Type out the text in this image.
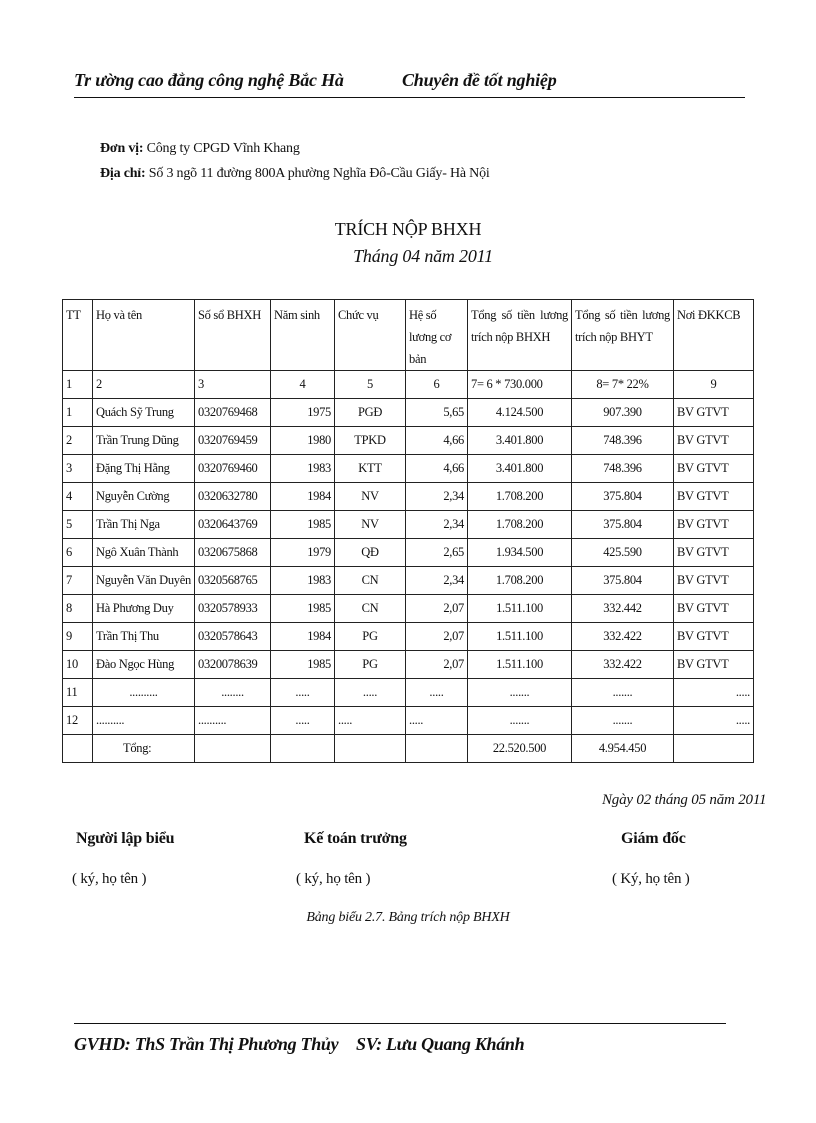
Tr ường cao đẳng công nghệ Bắc Hà	Chuyên đề tốt nghiệp
Đơn vị: Công ty CPGD Vĩnh Khang
Địa chỉ: Số 3 ngõ 11 đường 800A phường Nghĩa Đô-Cầu Giấy- Hà Nội
TRÍCH NỘP BHXH
Tháng 04 năm 2011
TT	Họ và tên	Số sổ BHXH	Năm sinh	Chức vụ	Hệ số lương cơ bản	Tổng số tiền lương trích nộp BHXH	Tổng số tiền lương trích nộp BHYT	Nơi ĐKKCB
1	2	3	4	5	6	7= 6 * 730.000	8= 7* 22%	9
1	Quách Sỹ Trung	0320769468	1975	PGĐ	5,65	4.124.500	907.390	BV GTVT
2	Trần Trung Dũng	0320769459	1980	TPKD	4,66	3.401.800	748.396	BV GTVT
3	Đặng Thị Hằng	0320769460	1983	KTT	4,66	3.401.800	748.396	BV GTVT
4	Nguyễn Cường	0320632780	1984	NV	2,34	1.708.200	375.804	BV GTVT
5	Trần Thị Nga	0320643769	1985	NV	2,34	1.708.200	375.804	BV GTVT
6	Ngô Xuân Thành	0320675868	1979	QĐ	2,65	1.934.500	425.590	BV GTVT
7	Nguyễn Văn Duyên	0320568765	1983	CN	2,34	1.708.200	375.804	BV GTVT
8	Hà Phương Duy	0320578933	1985	CN	2,07	1.511.100	332.442	BV GTVT
9	Trần Thị Thu	0320578643	1984	PG	2,07	1.511.100	332.422	BV GTVT
10	Đào Ngọc Hùng	0320078639	1985	PG	2,07	1.511.100	332.422	BV GTVT
11	..........	........	.....	.....	.....	.......	.......	.....
12	..........	..........	.....	.....	.....	.......	.......	.....
	Tổng:					22.520.500	4.954.450	
Ngày 02 tháng 05 năm 2011
Người lập biểu	Kế toán trưởng	Giám đốc
( ký, họ tên )	( ký, họ tên )	( Ký, họ tên )
Bảng biểu 2.7. Bảng trích nộp BHXH
GVHD: ThS Trần Thị Phương Thủy SV: Lưu Quang Khánh
